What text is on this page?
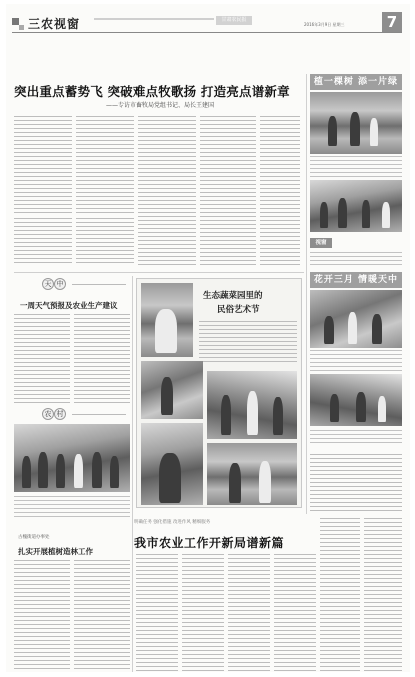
三农视窗	甘肃农民报
2016年3月9日 星期三	7
突出重点蓄势飞 突破难点牧歌扬 打造亮点谱新章
——专访市畜牧局党组书记、局长王建国
植一棵树 添一片绿
视窗
花开三月 情暖天中
天 中
一周天气预报及农业生产建议
农 村
古槐街道办事处
扎实开展植树造林工作
生态蔬菜园里的
民俗艺术节
明确任务 强化措施 改进作风 精细服务
我市农业工作开新局谱新篇
